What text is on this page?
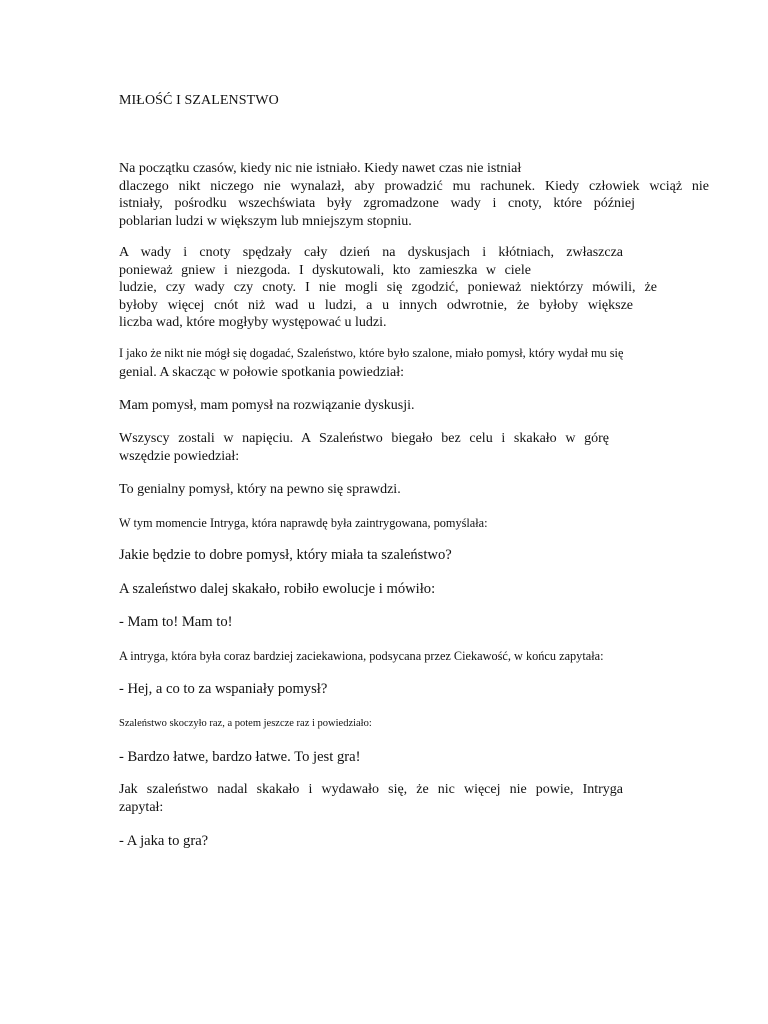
MIŁOŚĆ I SZALENSTWO

Na początku czasów, kiedy nic nie istniało. Kiedy nawet czas nie istniał
dlaczego nikt niczego nie wynalazł, aby prowadzić mu rachunek. Kiedy człowiek wciąż nie
istniały, pośrodku wszechświata były zgromadzone wady i cnoty, które później
poblarian ludzi w większym lub mniejszym stopniu.

A wady i cnoty spędzały cały dzień na dyskusjach i kłótniach, zwłaszcza
ponieważ gniew i niezgoda. I dyskutowali, kto zamieszka w ciele
ludzie, czy wady czy cnoty. I nie mogli się zgodzić, ponieważ niektórzy mówili, że
byłoby więcej cnót niż wad u ludzi, a u innych odwrotnie, że byłoby większe
liczba wad, które mogłyby występować u ludzi.

I jako że nikt nie mógł się dogadać, Szaleństwo, które było szalone, miało pomysł, który wydał mu się
genial. A skacząc w połowie spotkania powiedział:

Mam pomysł, mam pomysł na rozwiązanie dyskusji.

Wszyscy zostali w napięciu. A Szaleństwo biegało bez celu i skakało w górę
wszędzie powiedział:

To genialny pomysł, który na pewno się sprawdzi.

W tym momencie Intryga, która naprawdę była zaintrygowana, pomyślała:

Jakie będzie to dobre pomysł, który miała ta szaleństwo?

A szaleństwo dalej skakało, robiło ewolucje i mówiło:

- Mam to! Mam to!

A intryga, która była coraz bardziej zaciekawiona, podsycana przez Ciekawość, w końcu zapytała:

- Hej, a co to za wspaniały pomysł?

Szaleństwo skoczyło raz, a potem jeszcze raz i powiedziało:

- Bardzo łatwe, bardzo łatwe. To jest gra!

Jak szaleństwo nadal skakało i wydawało się, że nic więcej nie powie, Intryga
zapytał:

- A jaka to gra?
